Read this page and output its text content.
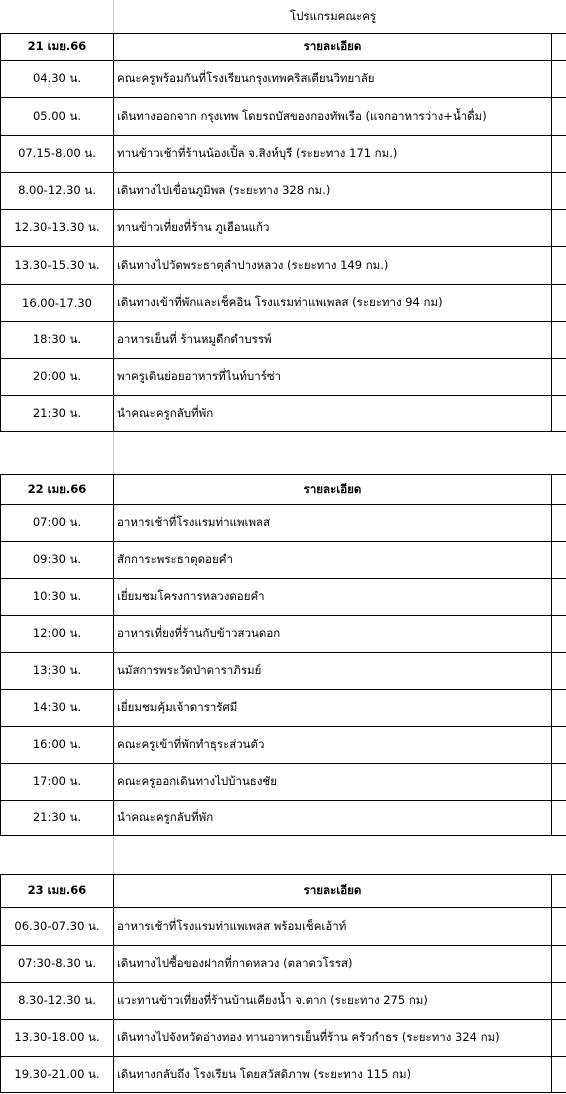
โปรแกรมคณะครู
21 เมย.66	รายละเอียด
04.30 น.	คณะครูพร้อมกันที่โรงเรียนกรุงเทพคริสเตียนวิทยาลัย
05.00 น.	เดินทางออกจาก กรุงเทพ โดยรถบัสของกองทัพเรือ (แจกอาหารว่าง+น้ำดื่ม)
07.15-8.00 น.	ทานข้าวเช้าที่ร้านน้องเปิ้ล จ.สิงห์บุรี (ระยะทาง 171 กม.)
8.00-12.30 น.	เดินทางไปเขื่อนภูมิพล (ระยะทาง 328 กม.)
12.30-13.30 น.	ทานข้าวเที่ยงที่ร้าน ภูเฮือนแก้ว
13.30-15.30 น.	เดินทางไปวัดพระธาตุลำปางหลวง (ระยะทาง 149 กม.)
16.00-17.30	เดินทางเข้าที่พักและเช็คอิน โรงแรมท่าแพเพลส (ระยะทาง 94 กม)
18:30 น.	อาหารเย็นที่ ร้านหมูดีกดำบรรพ์
20:00 น.	พาครูเดินย่อยอาหารที่ไนท์บาร์ซ่า
21:30 น.	นำคณะครูกลับที่พัก
22 เมย.66	รายละเอียด
07:00 น.	อาหารเช้าที่โรงแรมท่าแพเพลส
09:30 น.	สักการะพระธาตุดอยคำ
10:30 น.	เยี่ยมชมโครงการหลวงดอยคำ
12:00 น.	อาหารเที่ยงที่ร้านกับข้าวสวนดอก
13:30 น.	นมัสการพระวัดป่าดาราภิรมย์
14:30 น.	เยี่ยมชมคุ้มเจ้าดารารัศมี
16:00 น.	คณะครูเข้าที่พักทำธุระส่วนตัว
17:00 น.	คณะครูออกเดินทางไปบ้านธงชัย
21:30 น.	นำคณะครูกลับที่พัก
23 เมย.66	รายละเอียด
06.30-07.30 น.	อาหารเช้าที่โรงแรมท่าแพเพลส พร้อมเช็คเอ้าท์
07:30-8.30 น.	เดินทางไปซื้อของฝากที่กาดหลวง (ตลาดวโรรส)
8.30-12.30 น.	แวะทานข้าวเที่ยงที่ร้านบ้านเคียงน้ำ จ.ตาก (ระยะทาง 275 กม)
13.30-18.00 น.	เดินทางไปจังหวัดอ่างทอง ทานอาหารเย็นที่ร้าน ครัวกำธร (ระยะทาง 324 กม)
19.30-21.00 น.	เดินทางกลับถึง โรงเรียน โดยสวัสดิภาพ (ระยะทาง 115 กม)
